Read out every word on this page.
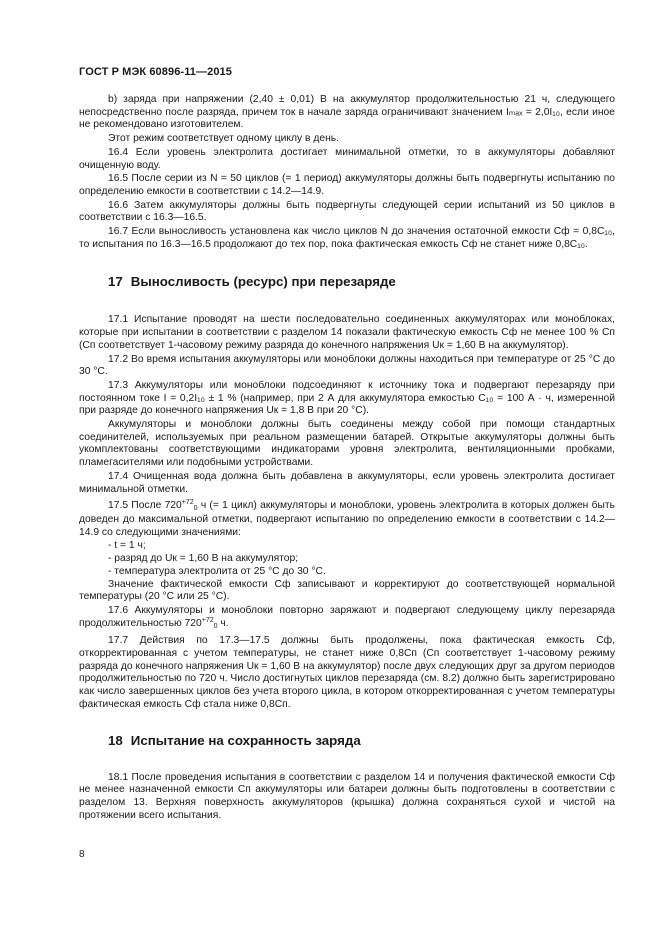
ГОСТ Р МЭК 60896-11—2015

b) заряда при напряжении (2,40 ± 0,01) В на аккумулятор продолжительностью 21 ч, следующего непосредственно после разряда, причем ток в начале заряда ограничивают значением Iₘₐₓ = 2,0I₁₀, если иное не рекомендовано изготовителем.

Этот режим соответствует одному циклу в день.

16.4 Если уровень электролита достигает минимальной отметки, то в аккумуляторы добавляют очищенную воду.

16.5 После серии из N = 50 циклов (= 1 период) аккумуляторы должны быть подвергнуты испытанию по определению емкости в соответствии с 14.2—14.9.

16.6 Затем аккумуляторы должны быть подвергнуты следующей серии испытаний из 50 циклов в соответствии с 16.3—16.5.

16.7 Если выносливость установлена как число циклов N до значения остаточной емкости Cф = 0,8C₁₀, то испытания по 16.3—16.5 продолжают до тех пор, пока фактическая емкость Cф не станет ниже 0,8C₁₀.

17 Выносливость (ресурс) при перезаряде

17.1 Испытание проводят на шести последовательно соединенных аккумуляторах или моноблоках, которые при испытании в соответствии с разделом 14 показали фактическую емкость Cф не менее 100 % Cп (Cп соответствует 1-часовому режиму разряда до конечного напряжения Uк = 1,60 В на аккумулятор).

17.2 Во время испытания аккумуляторы или моноблоки должны находиться при температуре от 25 °C до 30 °C.

17.3 Аккумуляторы или моноблоки подсоединяют к источнику тока и подвергают перезаряду при постоянном токе I = 0,2I₁₀ ± 1 % (например, при 2 А для аккумулятора емкостью C₁₀ = 100 А · ч, измеренной при разряде до конечного напряжения Uк = 1,8 В при 20 °C).

Аккумуляторы и моноблоки должны быть соединены между собой при помощи стандартных соединителей, используемых при реальном размещении батарей. Открытые аккумуляторы должны быть укомплектованы соответствующими индикаторами уровня электролита, вентиляционными пробками, пламегасителями или подобными устройствами.

17.4 Очищенная вода должна быть добавлена в аккумуляторы, если уровень электролита достигает минимальной отметки.

17.5 После $720^{+72}0$ ч (= 1 цикл) аккумуляторы и моноблоки, уровень электролита в которых должен быть доведен до максимальной отметки, подвергают испытанию по определению емкости в соответствии с 14.2—14.9 со следующими значениями:

- t = 1 ч;

- разряд до Uк = 1,60 В на аккумулятор;

- температура электролита от 25 °C до 30 °C.

Значение фактической емкости Cф записывают и корректируют до соответствующей нормальной температуры (20 °C или 25 °C).

17.6 Аккумуляторы и моноблоки повторно заряжают и подвергают следующему циклу перезаряда продолжительностью $720^{+72}0$ ч.

17.7 Действия по 17.3—17.5 должны быть продолжены, пока фактическая емкость Cф, откорректированная с учетом температуры, не станет ниже 0,8Cп (Cп соответствует 1-часовому режиму разряда до конечного напряжения Uк = 1,60 В на аккумулятор) после двух следующих друг за другом периодов продолжительностью по 720 ч. Число достигнутых циклов перезаряда (см. 8.2) должно быть зарегистрировано как число завершенных циклов без учета второго цикла, в котором откорректированная с учетом температуры фактическая емкость Cф стала ниже 0,8Cп.

18 Испытание на сохранность заряда

18.1 После проведения испытания в соответствии с разделом 14 и получения фактической емкости Cф не менее назначенной емкости Cп аккумуляторы или батареи должны быть подготовлены в соответствии с разделом 13. Верхняя поверхность аккумуляторов (крышка) должна сохраняться сухой и чистой на протяжении всего испытания.

8
